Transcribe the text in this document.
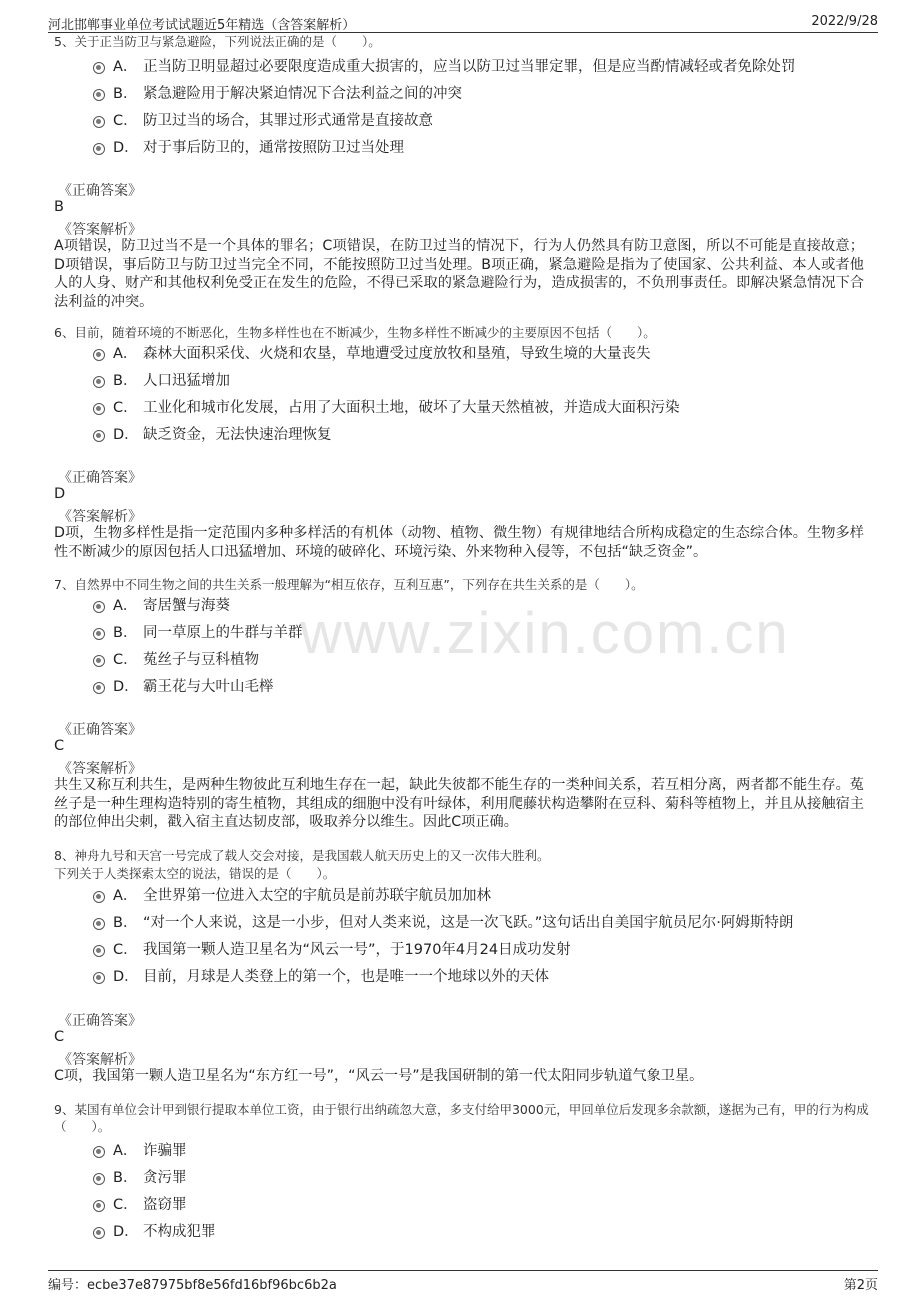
河北邯郸事业单位考试试题近5年精选（含答案解析）	2022/9/28
www.zixin.com.cn
5、关于正当防卫与紧急避险，下列说法正确的是（　　）。
A． 正当防卫明显超过必要限度造成重大损害的，应当以防卫过当罪定罪，但是应当酌情减轻或者免除处罚
B． 紧急避险用于解决紧迫情况下合法利益之间的冲突
C． 防卫过当的场合，其罪过形式通常是直接故意
D． 对于事后防卫的，通常按照防卫过当处理
《正确答案》
B
《答案解析》
A项错误，防卫过当不是一个具体的罪名；C项错误，在防卫过当的情况下，行为人仍然具有防卫意图，所以不可能是直接故意；D项错误，事后防卫与防卫过当完全不同，不能按照防卫过当处理。B项正确，紧急避险是指为了使国家、公共利益、本人或者他人的人身、财产和其他权利免受正在发生的危险，不得已采取的紧急避险行为，造成损害的，不负刑事责任。即解决紧急情况下合法利益的冲突。
6、目前，随着环境的不断恶化，生物多样性也在不断减少，生物多样性不断减少的主要原因不包括（　　）。
A． 森林大面积采伐、火烧和农垦，草地遭受过度放牧和垦殖，导致生境的大量丧失
B． 人口迅猛增加
C． 工业化和城市化发展，占用了大面积土地，破坏了大量天然植被，并造成大面积污染
D． 缺乏资金，无法快速治理恢复
《正确答案》
D
《答案解析》
D项，生物多样性是指一定范围内多种多样活的有机体（动物、植物、微生物）有规律地结合所构成稳定的生态综合体。生物多样性不断减少的原因包括人口迅猛增加、环境的破碎化、环境污染、外来物种入侵等，不包括“缺乏资金”。
7、自然界中不同生物之间的共生关系一般理解为“相互依存，互利互惠”，下列存在共生关系的是（　　）。
A． 寄居蟹与海葵
B． 同一草原上的牛群与羊群
C． 菟丝子与豆科植物
D． 霸王花与大叶山毛榉
《正确答案》
C
《答案解析》
共生又称互利共生，是两种生物彼此互利地生存在一起，缺此失彼都不能生存的一类种间关系，若互相分离，两者都不能生存。菟丝子是一种生理构造特别的寄生植物，其组成的细胞中没有叶绿体，利用爬藤状构造攀附在豆科、菊科等植物上，并且从接触宿主的部位伸出尖刺，戳入宿主直达韧皮部，吸取养分以维生。因此C项正确。
8、神舟九号和天宫一号完成了载人交会对接，是我国载人航天历史上的又一次伟大胜利。
下列关于人类探索太空的说法，错误的是（　　）。
A． 全世界第一位进入太空的宇航员是前苏联宇航员加加林
B． “对一个人来说，这是一小步，但对人类来说，这是一次飞跃。”这句话出自美国宇航员尼尔·阿姆斯特朗
C． 我国第一颗人造卫星名为“风云一号”，于1970年4月24日成功发射
D． 目前，月球是人类登上的第一个，也是唯一一个地球以外的天体
《正确答案》
C
《答案解析》
C项，我国第一颗人造卫星名为“东方红一号”，“风云一号”是我国研制的第一代太阳同步轨道气象卫星。
9、某国有单位会计甲到银行提取本单位工资，由于银行出纳疏忽大意，多支付给甲3000元，甲回单位后发现多余款额，遂据为己有，甲的行为构成（　　）。
A． 诈骗罪
B． 贪污罪
C． 盗窃罪
D． 不构成犯罪
编号：ecbe37e87975bf8e56fd16bf96bc6b2a	第2页
